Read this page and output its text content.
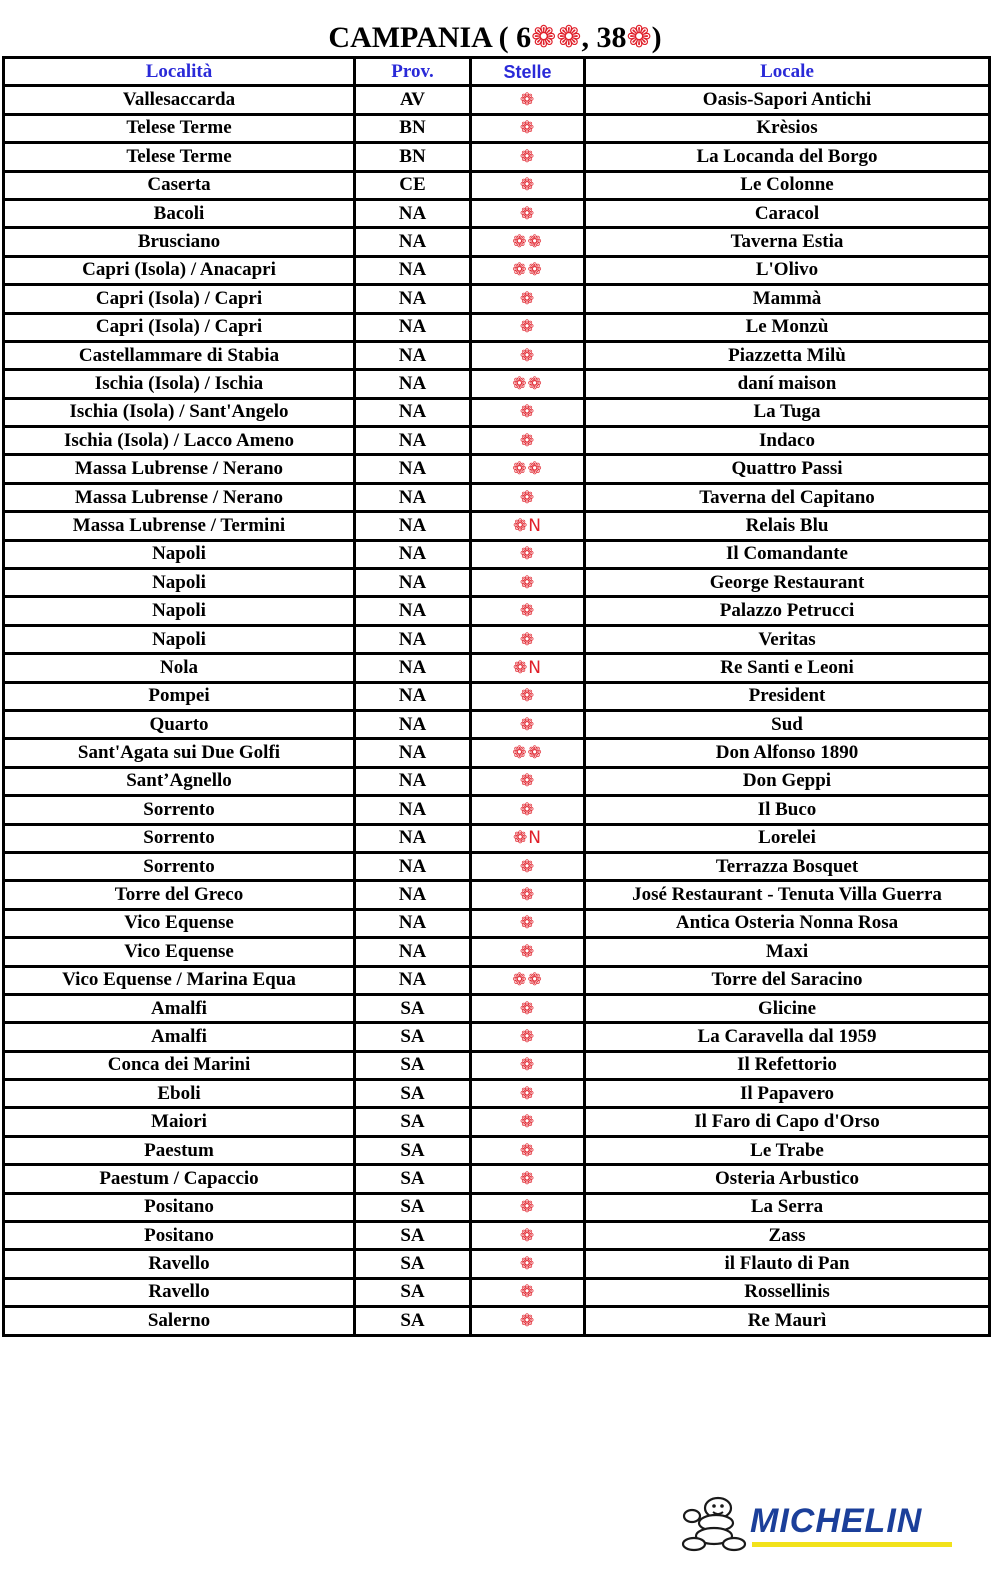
CAMPANIA ( 6❁❁, 38❁)
Località	Prov.	Stelle	Locale
Vallesaccarda	AV	❁	Oasis-Sapori Antichi
Telese Terme	BN	❁	Krèsios
Telese Terme	BN	❁	La Locanda del Borgo
Caserta	CE	❁	Le Colonne
Bacoli	NA	❁	Caracol
Brusciano	NA	❁❁	Taverna Estia
Capri (Isola) / Anacapri	NA	❁❁	L'Olivo
Capri (Isola) / Capri	NA	❁	Mammà
Capri (Isola) / Capri	NA	❁	Le Monzù
Castellammare di Stabia	NA	❁	Piazzetta Milù
Ischia (Isola) / Ischia	NA	❁❁	daní maison
Ischia (Isola) / Sant'Angelo	NA	❁	La Tuga
Ischia (Isola) / Lacco Ameno	NA	❁	Indaco
Massa Lubrense / Nerano	NA	❁❁	Quattro Passi
Massa Lubrense / Nerano	NA	❁	Taverna del Capitano
Massa Lubrense / Termini	NA	❁N	Relais Blu
Napoli	NA	❁	Il Comandante
Napoli	NA	❁	George Restaurant
Napoli	NA	❁	Palazzo Petrucci
Napoli	NA	❁	Veritas
Nola	NA	❁N	Re Santi e Leoni
Pompei	NA	❁	President
Quarto	NA	❁	Sud
Sant'Agata sui Due Golfi	NA	❁❁	Don Alfonso 1890
Sant’Agnello	NA	❁	Don Geppi
Sorrento	NA	❁	Il Buco
Sorrento	NA	❁N	Lorelei
Sorrento	NA	❁	Terrazza Bosquet
Torre del Greco	NA	❁	José Restaurant - Tenuta Villa Guerra
Vico Equense	NA	❁	Antica Osteria Nonna Rosa
Vico Equense	NA	❁	Maxi
Vico Equense / Marina Equa	NA	❁❁	Torre del Saracino
Amalfi	SA	❁	Glicine
Amalfi	SA	❁	La Caravella dal 1959
Conca dei Marini	SA	❁	Il Refettorio
Eboli	SA	❁	Il Papavero
Maiori	SA	❁	Il Faro di Capo d'Orso
Paestum	SA	❁	Le Trabe
Paestum / Capaccio	SA	❁	Osteria Arbustico
Positano	SA	❁	La Serra
Positano	SA	❁	Zass
Ravello	SA	❁	il Flauto di Pan
Ravello	SA	❁	Rossellinis
Salerno	SA	❁	Re Maurì
MICHELIN
